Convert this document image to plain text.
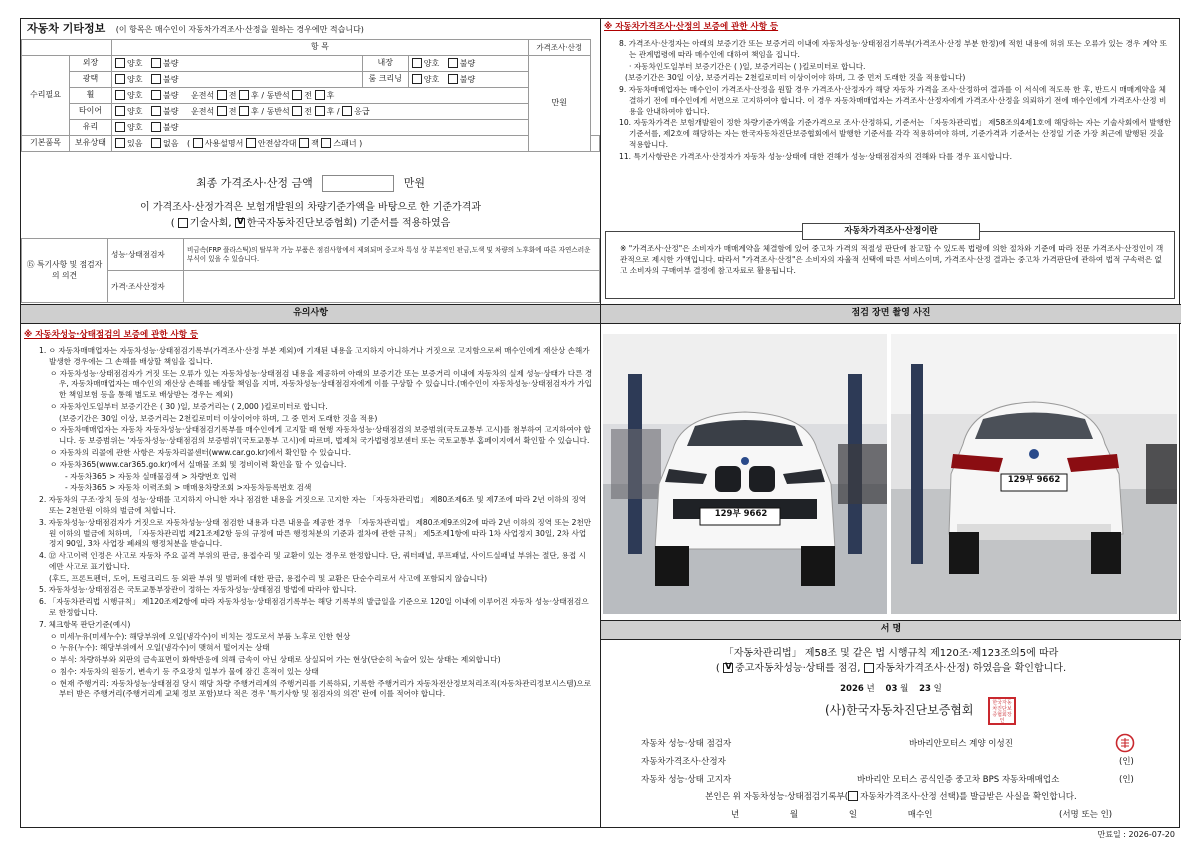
자동차 기타정보 (이 항목은 매수인이 자동차가격조사·산정을 원하는 경우에만 적습니다)
		항 목			가격조사·산정	
수리필요	외장	양호 불량	내장	양호 불량	만원	
	광택	양호 불량	룸 크리닝	양호 불량		
	휠	양호 불량 운전석 전 후 / 동반석 전 후				
	타이어	양호 불량 운전석 전 후 / 동반석 전 후 / 응급				
	유리	양호 불량				
기본품목	보유상태	있음 없음 ( 사용설명서 안전삼각대 잭 스패너 )				
최종 가격조사·산정 금액	만원
이 가격조사·산정가격은 보험개발원의 차량기준가액을 바탕으로 한 기준가격과
( 기술사회, V 한국자동차진단보증협회) 기준서를 적용하였음
⑮ 특기사항 및 점검자의 의견	성능·상태점검자	비금속(FRP 플라스틱)의 탈부착 가능 부품은 점검사항에서 제외되며 중고차 특성 상 부분적인 판금,도색 및 차량의 노후화에 따른 자연스러운 부식이 있을 수 있습니다.
	가격·조사산정자	
※ 자동차가격조사·산정의 보증에 관한 사항 등

8. 가격조사·산정자는 아래의 보증기간 또는 보증거리 이내에 자동차성능·상태점검기록부(가격조사·산정 부분 한정)에 적힌 내용에 허위 또는 오류가 있는 경우 계약 또는 관계법령에 따라 매수인에 대하여 책임을 집니다.

· 자동차인도일부터 보증기간은 ( )일, 보증거리는 ( )킬로미터로 합니다.

(보증기간은 30일 이상, 보증거리는 2천킬로미터 이상이어야 하며, 그 중 먼저 도래한 것을 적용합니다)

9. 자동차매매업자는 매수인이 가격조사·산정을 원할 경우 가격조사·산정자가 해당 자동차 가격을 조사·산정하여 결과를 이 서식에 적도록 한 후, 반드시 매매계약을 체결하기 전에 매수인에게 서면으로 고지하여야 합니다. 이 경우 자동차매매업자는 가격조사·산정자에게 가격조사·산정을 의뢰하기 전에 매수인에게 가격조사·산정 비용을 안내하여야 합니다.

10. 자동차가격은 보험개발원이 정한 차량기준가액을 기준가격으로 조사·산정하되, 기준서는 「자동차관리법」 제58조의4제1호에 해당하는 자는 기술사회에서 발행한 기준서를, 제2호에 해당하는 자는 한국자동차진단보증협회에서 발행한 기준서를 각각 적용하여야 하며, 기준가격과 기준서는 산정일 기준 가장 최근에 발행된 것을 적용합니다.

11. 특기사항란은 가격조사·산정자가 자동차 성능·상태에 대한 견해가 성능·상태점검자의 견해와 다를 경우 표시합니다.

자동차가격조사·산정이란

※ "가격조사·산정"은 소비자가 매매계약을 체결함에 있어 중고차 가격의 적절성 판단에 참고할 수 있도록 법령에 의한 절차와 기준에 따라 전문 가격조사·산정인이 객관적으로 제시한 가액입니다. 따라서 "가격조사·산정"은 소비자의 자율적 선택에 따른 서비스이며, 가격조사·산정 결과는 중고차 가격판단에 관하여 법적 구속력은 없고 소비자의 구매여부 결정에 참고자료로 활용됩니다.

유의사항	점검 장면 촬영 사진
※ 자동차성능·상태점검의 보증에 관한 사항 등

1. ㅇ 자동차매매업자는 자동차성능·상태점검기록부(가격조사·산정 부분 제외)에 기재된 내용을 고지하지 아니하거나 거짓으로 고지함으로써 매수인에게 재산상 손해가 발생한 경우에는 그 손해를 배상할 책임을 집니다.

ㅇ 자동차성능·상태점검자가 거짓 또는 오류가 있는 자동차성능·상태점검 내용을 제공하여 아래의 보증기간 또는 보증거리 이내에 자동차의 실제 성능·상태가 다른 경우, 자동차매매업자는 매수인의 재산상 손해를 배상할 책임을 지며, 자동차성능·상태점검자에게 이를 구상할 수 있습니다.(매수인이 자동차성능·상태점검자가 가입한 책임보험 등을 통해 별도로 배상받는 경우는 제외)

ㅇ 자동차인도일부터 보증기간은 ( 30 )일, 보증거리는 ( 2,000 )킬로미터로 합니다.

(보증기간은 30일 이상, 보증거리는 2천킬로미터 이상이어야 하며, 그 중 먼저 도래한 것을 적용)

ㅇ 자동차매매업자는 자동차 자동차성능·상태점검기록부를 매수인에게 고지할 때 현행 자동차성능·상태점검의 보증범위(국토교통부 고시)를 첨부하여 고지하여야 합니다. 동 보증범위는 '자동차성능·상태점검의 보증범위'(국토교통부 고시)에 따르며, 법제처 국가법령정보센터 또는 국토교통부 홈페이지에서 확인할 수 있습니다.

ㅇ 자동차의 리콜에 관한 사항은 자동차리콜센터(www.car.go.kr)에서 확인할 수 있습니다.

ㅇ 자동차365(www.car365.go.kr)에서 실매물 조회 및 정비이력 확인을 할 수 있습니다.

- 자동차365 > 자동차 실매물검색 > 차량번호 입력

- 자동차365 > 자동차 이력조회 > 매매용차량조회 >자동차등록번호 검색

2. 자동차의 구조·장치 등의 성능·상태를 고지하지 아니한 자나 점검한 내용을 거짓으로 고지한 자는 「자동차관리법」 제80조제6조 및 제7조에 따라 2년 이하의 징역 또는 2천만원 이하의 벌금에 처합니다.

3. 자동차성능·상태점검자가 거짓으로 자동차성능·상태 점검한 내용과 다른 내용을 제공한 경우 「자동차관리법」 제80조제9조의2에 따라 2년 이하의 징역 또는 2천만원 이하의 벌금에 처하며, 「자동차관리법 제21조제2항 등의 규정에 따른 행정처분의 기준과 절차에 관한 규칙」 제5조제1항에 따라 1차 사업정지 30일, 2차 사업정지 90일, 3차 사업장 폐쇄의 행정처분을 받습니다.

4. ⑫ 사고이력 인정은 사고로 자동차 주요 골격 부위의 판금, 용접수리 및 교환이 있는 경우로 한정합니다. 단, 쿼터패널, 루프패널, 사이드실패널 부위는 절단, 용접 시에만 사고로 표기합니다.

(후드, 프론트펜더, 도어, 트렁크리드 등 외판 부위 및 범퍼에 대한 판금, 용접수리 및 교환은 단순수리로서 사고에 포함되지 않습니다)

5. 자동차성능·상태점검은 국토교통부장관이 정하는 자동차성능·상태점검 방법에 따라야 합니다.

6. 「자동차관리법 시행규칙」 제120조제2항에 따라 자동차성능·상태점검기록부는 해당 기록부의 발급일을 기준으로 120일 이내에 이루어진 자동차 성능·상태점검으로 한정합니다.

7. 체크항목 판단기준(예시)

ㅇ 미세누유(미세누수): 해당부위에 오일(냉각수)이 비치는 정도로서 부품 노후로 인한 현상

ㅇ 누유(누수): 해당부위에서 오일(냉각수)이 맺혀서 떨어지는 상태

ㅇ 부식: 차량하부와 외판의 금속표면이 화학반응에 의해 금속이 아닌 상태로 상실되어 가는 현상(단순히 녹슬어 있는 상태는 제외합니다)

ㅇ 침수: 자동차의 원동기, 변속기 등 주요장치 일부가 물에 잠긴 흔적이 있는 상태

ㅇ 현재 주행거리: 자동차성능·상태점검 당시 해당 차량 주행거리계의 주행거리를 기록하되, 기록한 주행거리가 자동차전산정보처리조직(자동차관리정보시스템)으로부터 받은 주행거리(주행거리계 교체 정보 포함)보다 적은 경우 '특기사항 및 점검자의 의견' 란에 이를 적어야 합니다.

129부 9662
129부 9662
서 명
「자동차관리법」 제58조 및 같은 법 시행규칙 제120조·제123조의5에 따라
( V중고자동차성능·상태를 점검, 자동차가격조사·산정) 하였음을 확인합니다.
2026 년 03 월 23 일
(사)한국자동차진단보증협회	한국자동차진단보증협회장인
자동차 성능·상태 점검자	바바리안모터스 계양 이성진
자동차가격조사·산정자	(인)
자동차 성능·상태 고지자	바바리안 모터스 공식인증 중고차 BPS 자동차매매업소	(인)
본인은 위 자동차성능·상태점검기록부( 자동차가격조사·산정 선택)를 발급받은 사실을 확인합니다.
년	월	일	매수인	(서명 또는 인)
만료일 : 2026-07-20
